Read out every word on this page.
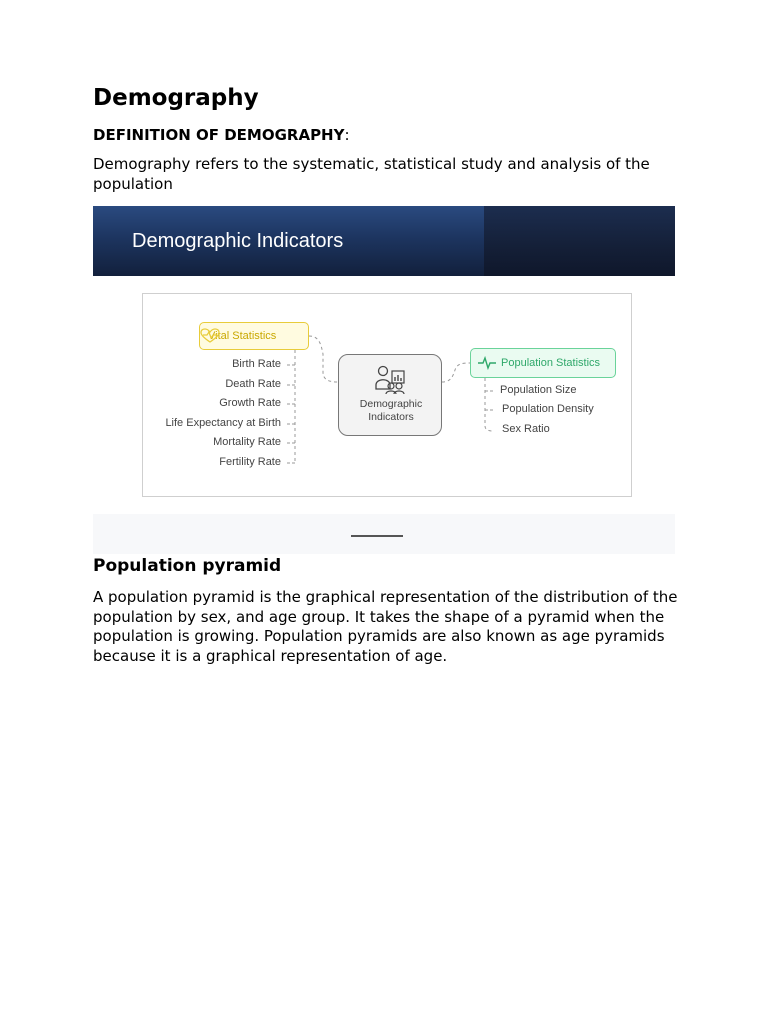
Demography
DEFINITION OF DEMOGRAPHY:

Demography refers to the systematic, statistical study and analysis of the population

Demographic Indicators
Vital Statistics
Birth Rate
Death Rate
Growth Rate
Life Expectancy at Birth
Mortality Rate
Fertility Rate
Demographic
Indicators
Population Statistics
Population Size
Population Density
Sex Ratio
Population pyramid

A population pyramid is the graphical representation of the distribution of the population by sex, and age group. It takes the shape of a pyramid when the population is growing. Population pyramids are also known as age pyramids because it is a graphical representation of age.
